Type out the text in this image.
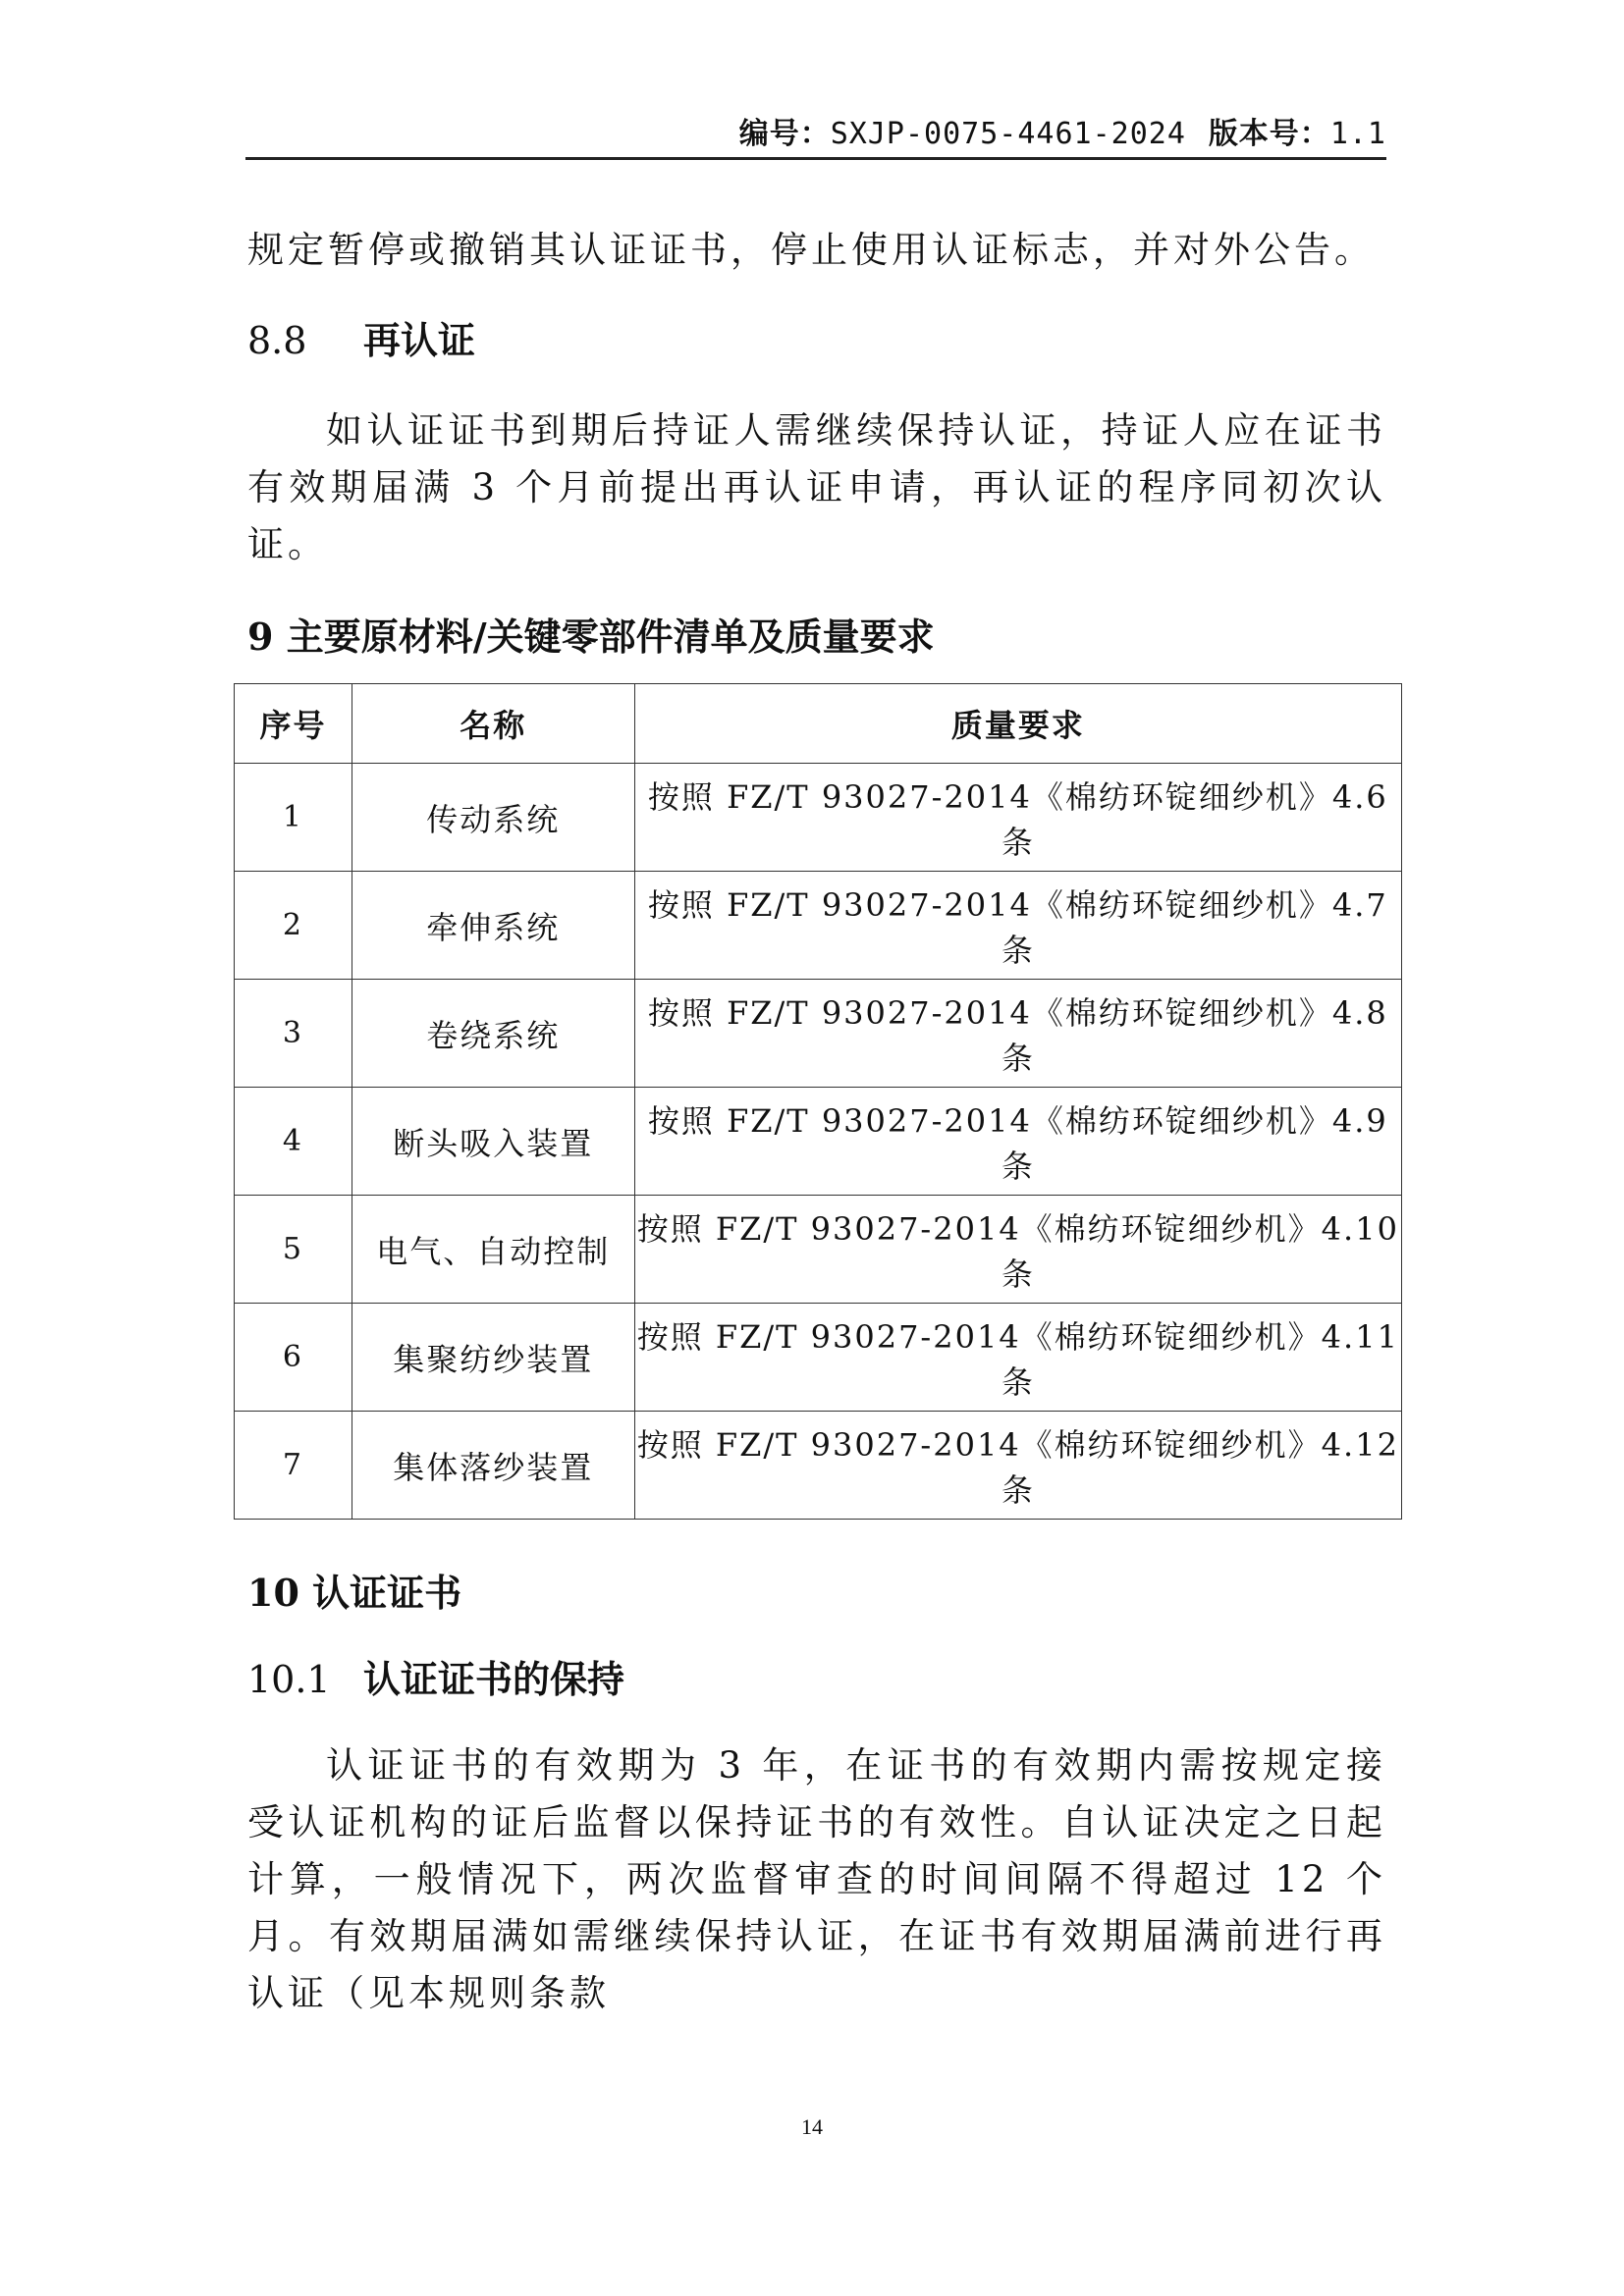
编号：SXJP-0075-4461-2024 版本号：1.1

规定暂停或撤销其认证证书，停止使用认证标志，并对外公告。

8.8 再认证

如认证证书到期后持证人需继续保持认证，持证人应在证书有效期届满 3 个月前提出再认证申请，再认证的程序同初次认证。

9 主要原材料/关键零部件清单及质量要求

序号	名称	质量要求
1	传动系统	按照 FZ/T 93027-2014《棉纺环锭细纱机》4.6 条
2	牵伸系统	按照 FZ/T 93027-2014《棉纺环锭细纱机》4.7 条
3	卷绕系统	按照 FZ/T 93027-2014《棉纺环锭细纱机》4.8 条
4	断头吸入装置	按照 FZ/T 93027-2014《棉纺环锭细纱机》4.9 条
5	电气、自动控制	按照 FZ/T 93027-2014《棉纺环锭细纱机》4.10 条
6	集聚纺纱装置	按照 FZ/T 93027-2014《棉纺环锭细纱机》4.11 条
7	集体落纱装置	按照 FZ/T 93027-2014《棉纺环锭细纱机》4.12 条

10 认证证书

10.1 认证证书的保持

认证证书的有效期为 3 年，在证书的有效期内需按规定接受认证机构的证后监督以保持证书的有效性。自认证决定之日起计算，一般情况下，两次监督审查的时间间隔不得超过 12 个月。有效期届满如需继续保持认证，在证书有效期届满前进行再认证（见本规则条款

14
